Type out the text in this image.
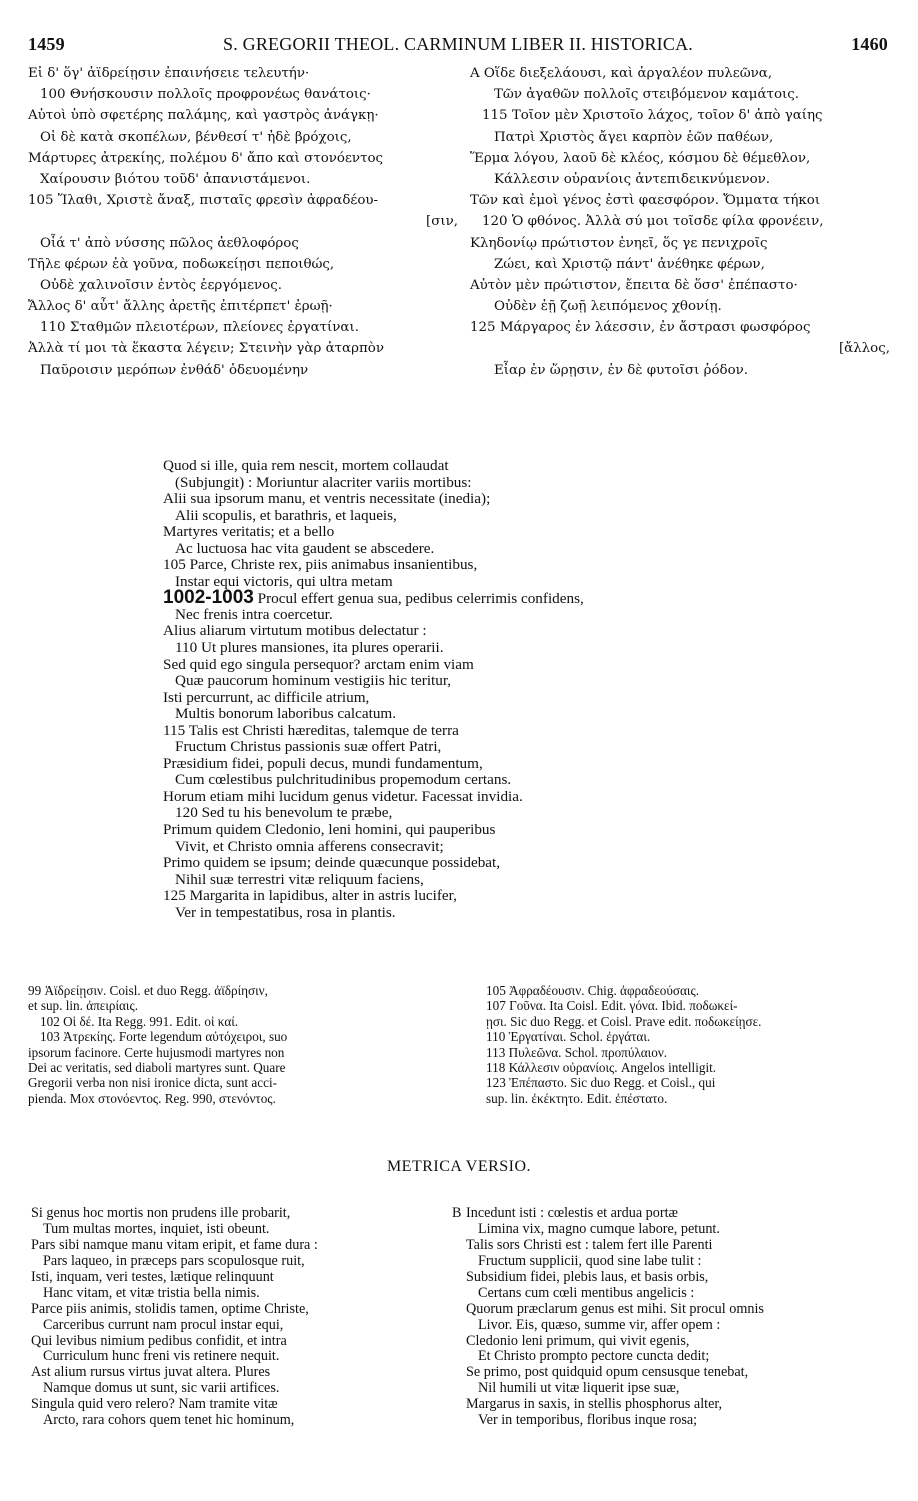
1459	S. GREGORII THEOL. CARMINUM LIBER II. HISTORICA.	1460
Εἰ δ' ὅγ' ἀϊδρείῃσιν ἐπαινήσειε τελευτήν·
100 Θνήσκουσιν πολλοῖς προφρονέως θανάτοις·
Αὐτοὶ ὑπὸ σφετέρης παλάμης, καὶ γαστρὸς ἀνάγκῃ·
Οἱ δὲ κατὰ σκοπέλων, βένθεσί τ' ἠδὲ βρόχοις,
Μάρτυρες ἀτρεκίης, πολέμου δ' ἄπο καὶ στονόεντος
Χαίρουσιν βιότου τοῦδ' ἀπανιστάμενοι.
105 Ἵλαθι, Χριστὲ ἄναξ, πισταῖς φρεσὶν ἀφραδέου-
[σιν,
Οἷά τ' ἀπὸ νύσσης πῶλος ἀεθλοφόρος
Τῆλε φέρων ἐὰ γοῦνα, ποδωκείῃσι πεποιθώς,
Οὐδὲ χαλινοῖσιν ἐντὸς ἐεργόμενος.
Ἄλλος δ' αὖτ' ἄλλης ἀρετῆς ἐπιτέρπετ' ἐρωῇ·
110 Σταθμῶν πλειοτέρων, πλείονες ἐργατίναι.
Ἀλλὰ τί μοι τὰ ἕκαστα λέγειν; Στεινὴν γὰρ ἀταρπὸν
Παῦροισιν μερόπων ἐνθάδ' ὁδευομένην
A Οἵδε διεξελάουσι, καὶ ἀργαλέον πυλεῶνα,
Τῶν ἀγαθῶν πολλοῖς στειβόμενον καμάτοις.
115 Τοῖον μὲν Χριστοῖο λάχος, τοῖον δ' ἀπὸ γαίης
Πατρὶ Χριστὸς ἄγει καρπὸν ἑῶν παθέων,
Ἕρμα λόγου, λαοῦ δὲ κλέος, κόσμου δὲ θέμεθλον,
Κάλλεσιν οὐρανίοις ἀντεπιδεικνύμενον.
Τῶν καὶ ἐμοὶ γένος ἐστὶ φαεσφόρον. Ὄμματα τήκοι
120 Ὁ φθόνος. Ἀλλὰ σύ μοι τοῖσδε φίλα φρονέειν,
Κληδονίῳ πρώτιστον ἐνηεῖ, ὅς γε πενιχροῖς
Ζώει, καὶ Χριστῷ πάντ' ἀνέθηκε φέρων,
Αὐτὸν μὲν πρώτιστον, ἔπειτα δὲ ὅσσ' ἐπέπαστο·
Οὐδὲν ἐῇ ζωῇ λειπόμενος χθονίῃ.
125 Μάργαρος ἐν λάεσσιν, ἐν ἄστρασι φωσφόρος
[ἄλλος,
Εἶαρ ἐν ὥρῃσιν, ἐν δὲ φυτοῖσι ῥόδον.
Quod si ille, quia rem nescit, mortem collaudat
(Subjungit) : Moriuntur alacriter variis mortibus:
Alii sua ipsorum manu, et ventris necessitate (inedia);
Alii scopulis, et barathris, et laqueis,
Martyres veritatis; et a bello
Ac luctuosa hac vita gaudent se abscedere.
105 Parce, Christe rex, piis animabus insanientibus,
Instar equi victoris, qui ultra metam
1002-1003 Procul effert genua sua, pedibus celerrimis confidens,
Nec frenis intra coercetur.
Alius aliarum virtutum motibus delectatur :
110 Ut plures mansiones, ita plures operarii.
Sed quid ego singula persequor? arctam enim viam
Quæ paucorum hominum vestigiis hic teritur,
Isti percurrunt, ac difficile atrium,
Multis bonorum laboribus calcatum.
115 Talis est Christi hæreditas, talemque de terra
Fructum Christus passionis suæ offert Patri,
Præsidium fidei, populi decus, mundi fundamentum,
Cum cœlestibus pulchritudinibus propemodum certans.
Horum etiam mihi lucidum genus videtur. Facessat invidia.
120 Sed tu his benevolum te præbe,
Primum quidem Cledonio, leni homini, qui pauperibus
Vivit, et Christo omnia afferens consecravit;
Primo quidem se ipsum; deinde quæcunque possidebat,
Nihil suæ terrestri vitæ reliquum faciens,
125 Margarita in lapidibus, alter in astris lucifer,
Ver in tempestatibus, rosa in plantis.
99 Ἀϊδρείῃσιν. Coisl. et duo Regg. ἀϊδρίησιν,
et sup. lin. ἀπειρίαις.
102 Οἱ δέ. Ita Regg. 991. Edit. οἱ καί.
103 Ἀτρεκίης. Forte legendum αὐτόχειροι, suo
ipsorum facinore. Certe hujusmodi martyres non
Dei ac veritatis, sed diaboli martyres sunt. Quare
Gregorii verba non nisi ironice dicta, sunt acci-
pienda. Mox στονόεντος. Reg. 990, στενόντος.
105 Ἀφραδέουσιν. Chig. ἀφραδεούσαις.
107 Γοῦνα. Ita Coisl. Edit. γόνα. Ibid. ποδωκεί-
ῃσι. Sic duo Regg. et Coisl. Prave edit. ποδωκείῃσε.
110 Ἐργατίναι. Schol. ἐργάται.
113 Πυλεῶνα. Schol. προπύλαιον.
118 Κάλλεσιν οὐρανίοις. Angelos intelligit.
123 Ἐπέπαστο. Sic duo Regg. et Coisl., qui
sup. lin. ἐκέκτητο. Edit. ἐπέστατο.
METRICA VERSIO.
Si genus hoc mortis non prudens ille probarit,
Tum multas mortes, inquiet, isti obeunt.
Pars sibi namque manu vitam eripit, et fame dura :
Pars laqueo, in præceps pars scopulosque ruit,
Isti, inquam, veri testes, lætique relinquunt
Hanc vitam, et vitæ tristia bella nimis.
Parce piis animis, stolidis tamen, optime Christe,
Carceribus currunt nam procul instar equi,
Qui levibus nimium pedibus confidit, et intra
Curriculum hunc freni vis retinere nequit.
Ast alium rursus virtus juvat altera. Plures
Namque domus ut sunt, sic varii artifices.
Singula quid vero relero? Nam tramite vitæ
Arcto, rara cohors quem tenet hic hominum,
B Incedunt isti : cœlestis et ardua portæ
Limina vix, magno cumque labore, petunt.
Talis sors Christi est : talem fert ille Parenti
Fructum supplicii, quod sine labe tulit :
Subsidium fidei, plebis laus, et basis orbis,
Certans cum cœli mentibus angelicis :
Quorum præclarum genus est mihi. Sit procul omnis
Livor. Eis, quæso, summe vir, affer opem :
Cledonio leni primum, qui vivit egenis,
Et Christo prompto pectore cuncta dedit;
Se primo, post quidquid opum censusque tenebat,
Nil humili ut vitæ liquerit ipse suæ,
Margarus in saxis, in stellis phosphorus alter,
Ver in temporibus, floribus inque rosa;
